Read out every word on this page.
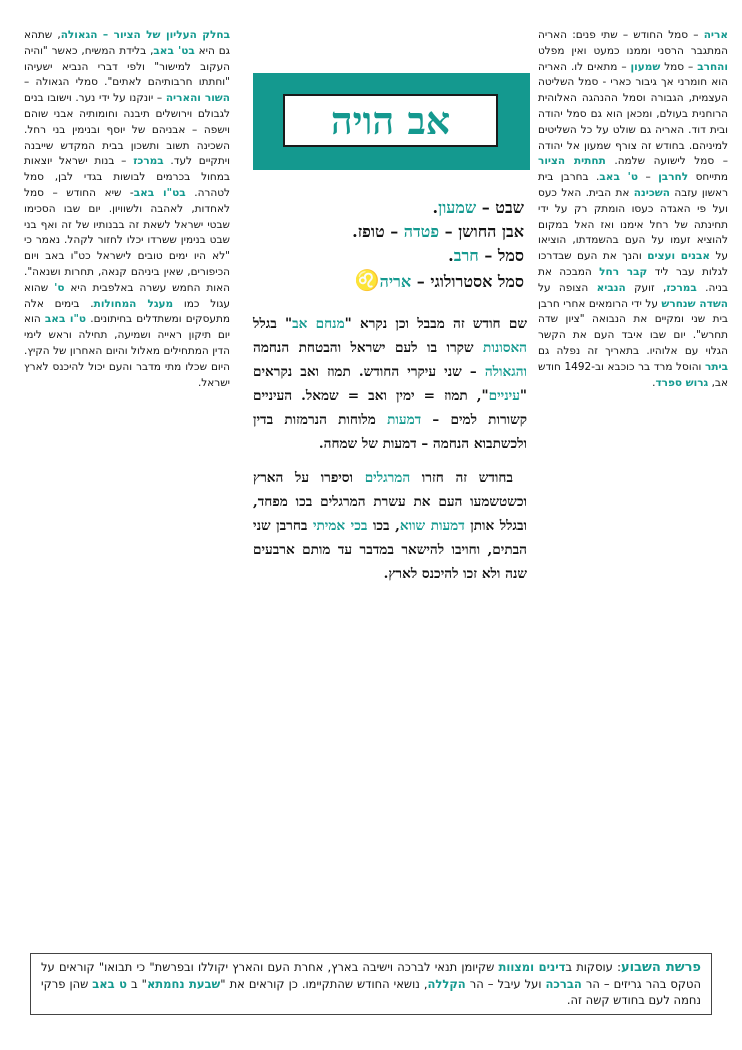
אריה – סמל החודש – שתי פנים: האריה המתגבר הרסני וממנו כמעט ואין מפלט והחרב – סמל שמעון – מתאים לו. האריה הוא חומרני אך גיבור כארי - סמל השליטה העצמית, הגבורה וסמל ההנהגה האלוהית הרוחנית בעולם, ומכאן הוא גם סמל יהודה ובית דוד. האריה גם שולט על כל השליטים למיניהם. בחודש זה צורף שמעון אל יהודה – סמל לישועה שלמה. תחתית הציור מתייחס לחרבן – ט' באב. בחרבן בית ראשון עזבה השכינה את הבית. האל כעס ועל פי האגדה כעסו הומתק רק על ידי תחינתה של רחל אימנו ואז האל במקום להוציא זעמו על העם בהשמדתו, הוציאו על אבנים ועצים והנך את העם שבדרכו לגלות עבר ליד קבר רחל המבכה את בניה. במרכז, זועק הנביא הצופה על השדה שנחרש על ידי הרומאים אחרי חרבן בית שני ומקיים את הנבואה "ציון שדה תחרש". יום שבו איבד העם את הקשר הגלוי עם אלוהיו. בתאריך זה נפלה גם ביתר והוסל מרד בר כוכבא וב-1492 חודש אב, גרוש ספרד.

אב הויה
שבט – שמעון.
אבן החושן – פטדה – טופז.
סמל – חרב.
סמל אסטרולוגי – אריה♌

שם חודש זה מבבל וכן נקרא "מנחם אב" בגלל האסונות שקרו בו לעם ישראל והבטחת הנחמה והגאולה – שני עיקרי החודש. תמוז ואב נקראים "עיניים", תמוז = ימין ואב = שמאל. העיניים קשורות למים – דמעות מלוחות הנרמזות בדין ולכשתבוא הנחמה – דמעות של שמחה.

בחודש זה חזרו המרגלים וסיפרו על הארץ וכשטשמעו העם את עשרת המרגלים בכו מפחד, ובגלל אותן דמעות שווא, בכו בכי אמיתי בחרבן שני הבתים, וחויבו להישאר במדבר עד מותם ארבעים שנה ולא זכו להיכנס לארץ.

בחלק העליון של הציור – הגאולה, שתהא גם היא בט' באב, בלידת המשיח, כאשר "והיה העקוב למישור" ולפי דברי הנביא ישעיהו "וחתתו חרבותיהם לאתים". סמלי הגאולה – השור והאריה – יונקנו על ידי נער. וישובו בנים לגבולם וירושלים תיבנה וחומותיה אבני שוהם וישפה – אבניהם של יוסף ובנימין בני רחל. השכינה תשוב ותשכון בבית המקדש שייבנה ויתקיים לעד. במרכז – בנות ישראל יוצאות במחול בכרמים לבושות בגדי לבן, סמל לטהרה. בט"ו באב- שיא החודש – סמל לאחדות, לאהבה ולשוויון. יום שבו הסכימו שבטי ישראל לשאת זה בבנותיו של זה ואף בני שבט בנימין ששרדו יכלו לחזור לקהל. נאמר כי "לא היו ימים טובים לישראל כט"ו באב ויום הכיפורים, שאין ביניהם קנאה, תחרות ושנאה". האות החמש עשרה באלפבית היא ס' שהוא עגול כמו מעגל המחולות. בימים אלה מתעסקים ומשתדלים בחיתונים. ט"ו באב הוא יום תיקון ראייה ושמיעה, תחילה וראש לימי הדין המתחילים מאלול והיום האחרון של הקיץ. היום שכלו מתי מדבר והעם יכול להיכנס לארץ ישראל.

פרשת השבוע: עוסקות בדינים ומצוות שקיומן תנאי לברכה וישיבה בארץ, אחרת העם והארץ יקוללו ובפרשת" כי תבואו" קוראים על הטקס בהר גריזים – הר הברכה ועל עיבל – הר הקללה, נושאי החודש שהתקיימו. כן קוראים את "שבעת נחמתא" ב ט באב שהן פרקי נחמה לעם בחודש קשה זה.
